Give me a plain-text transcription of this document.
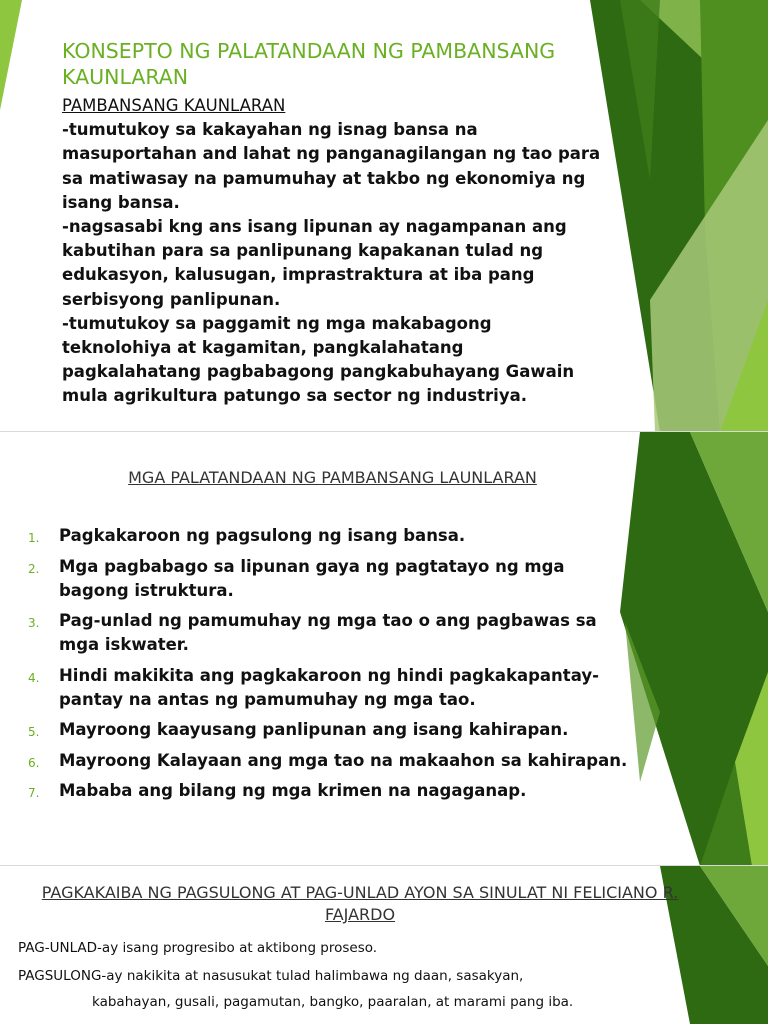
KONSEPTO NG PALATANDAAN NG PAMBANSANG KAUNLARAN
PAMBANSANG KAUNLARAN

-tumutukoy sa kakayahan ng isnag bansa na masuportahan and lahat ng panganagilangan ng tao para sa matiwasay na pamumuhay at takbo ng ekonomiya ng isang bansa.

-nagsasabi kng ans isang lipunan ay nagampanan ang kabutihan para sa panlipunang kapakanan tulad ng edukasyon, kalusugan, imprastraktura at iba pang serbisyong panlipunan.

-tumutukoy sa paggamit ng mga makabagong teknolohiya at kagamitan, pangkalahatang pagkalahatang pagbabagong pangkabuhayang Gawain mula agrikultura patungo sa sector ng industriya.

MGA PALATANDAAN NG PAMBANSANG LAUNLARAN
1. Pagkakaroon ng pagsulong ng isang bansa.
2. Mga pagbabago sa lipunan gaya ng pagtatayo ng mga bagong istruktura.
3. Pag-unlad ng pamumuhay ng mga tao o ang pagbawas sa mga iskwater.
4. Hindi makikita ang pagkakaroon ng hindi pagkakapantay-pantay na antas ng pamumuhay ng mga tao.
5. Mayroong kaayusang panlipunan ang isang kahirapan.
6. Mayroong Kalayaan ang mga tao na makaahon sa kahirapan.
7. Mababa ang bilang ng mga krimen na nagaganap.
PAGKAKAIBA NG PAGSULONG AT PAG-UNLAD AYON SA SINULAT NI FELICIANO R. FAJARDO

PAG-UNLAD-ay isang progresibo at aktibong proseso.

PAGSULONG-ay nakikita at nasusukat tulad halimbawa ng daan, sasakyan,

kabahayan, gusali, pagamutan, bangko, paaralan, at marami pang iba.
